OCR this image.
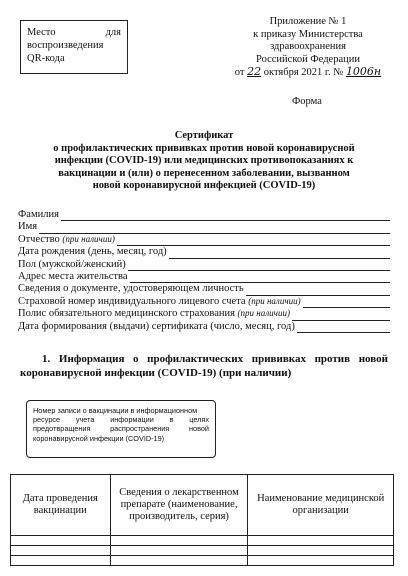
Место	для
воспроизведения
QR-кода
Приложение № 1
к приказу Министерства
здравоохранения
Российской Федерации
от 22 октября 2021 г. № 1006н
Форма
Сертификат
о профилактических прививках против новой коронавирусной
инфекции (COVID-19) или медицинских противопоказаниях к
вакцинации и (или) о перенесенном заболевании, вызванном
новой коронавирусной инфекцией (COVID-19)
Фамилия
Имя
Отчество (при наличии)
Дата рождения (день, месяц, год)
Пол (мужской/женский)
Адрес места жительства
Сведения о документе, удостоверяющем личность
Страховой номер индивидуального лицевого счета (при наличии)
Полис обязательного медицинского страхования (при наличии)
Дата формирования (выдачи) сертификата (число, месяц, год)

1. Информация о профилактических прививках против новой коронавирусной инфекции (COVID-19) (при наличии)

Номер записи о вакцинации в информационном
ресурсе учета информации в целях
предотвращения распространения новой
коронавирусной инфекции (COVID-19)
Дата проведения вакцинации	Сведения о лекарственном препарате (наименование, производитель, серия)	Наименование медицинской организации
